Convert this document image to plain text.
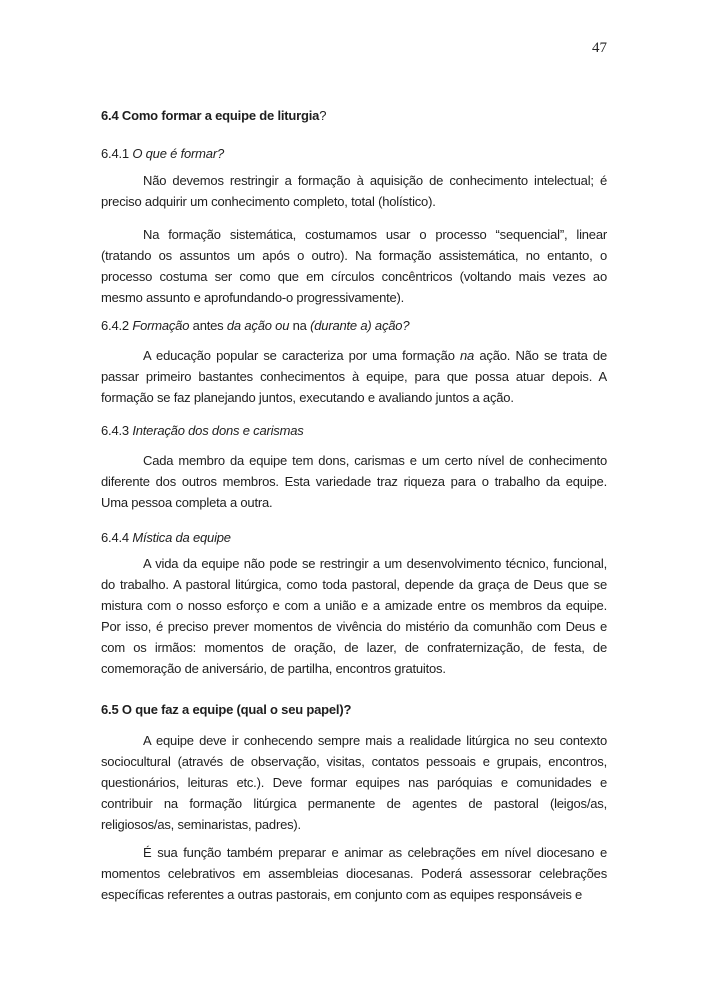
47
6.4 Como formar a equipe de liturgia?
6.4.1 O que é formar?
Não devemos restringir a formação à aquisição de conhecimento intelectual; é
preciso adquirir um conhecimento completo, total (holístico).
Na formação sistemática, costumamos usar o processo “sequencial”, linear
(tratando os assuntos um após o outro). Na formação assistemática, no entanto, o
processo costuma ser como que em círculos concêntricos (voltando mais vezes ao
mesmo assunto e aprofundando-o progressivamente).
6.4.2 Formação antes da ação ou na (durante a) ação?
A educação popular se caracteriza por uma formação na ação. Não se trata de
passar primeiro bastantes conhecimentos à equipe, para que possa atuar depois. A
formação se faz planejando juntos, executando e avaliando juntos a ação.
6.4.3 Interação dos dons e carismas
Cada membro da equipe tem dons, carismas e um certo nível de conhecimento
diferente dos outros membros. Esta variedade traz riqueza para o trabalho da equipe.
Uma pessoa completa a outra.
6.4.4 Mística da equipe
A vida da equipe não pode se restringir a um desenvolvimento técnico, funcional,
do trabalho. A pastoral litúrgica, como toda pastoral, depende da graça de Deus que se
mistura com o nosso esforço e com a união e a amizade entre os membros da equipe.
Por isso, é preciso prever momentos de vivência do mistério da comunhão com Deus e
com os irmãos: momentos de oração, de lazer, de confraternização, de festa, de
comemoração de aniversário, de partilha, encontros gratuitos.
6.5 O que faz a equipe (qual o seu papel)?
A equipe deve ir conhecendo sempre mais a realidade litúrgica no seu contexto
sociocultural (através de observação, visitas, contatos pessoais e grupais, encontros,
questionários, leituras etc.). Deve formar equipes nas paróquias e comunidades e
contribuir na formação litúrgica permanente de agentes de pastoral (leigos/as,
religiosos/as, seminaristas, padres).
É sua função também preparar e animar as celebrações em nível diocesano e
momentos celebrativos em assembleias diocesanas. Poderá assessorar celebrações
específicas referentes a outras pastorais, em conjunto com as equipes responsáveis e
